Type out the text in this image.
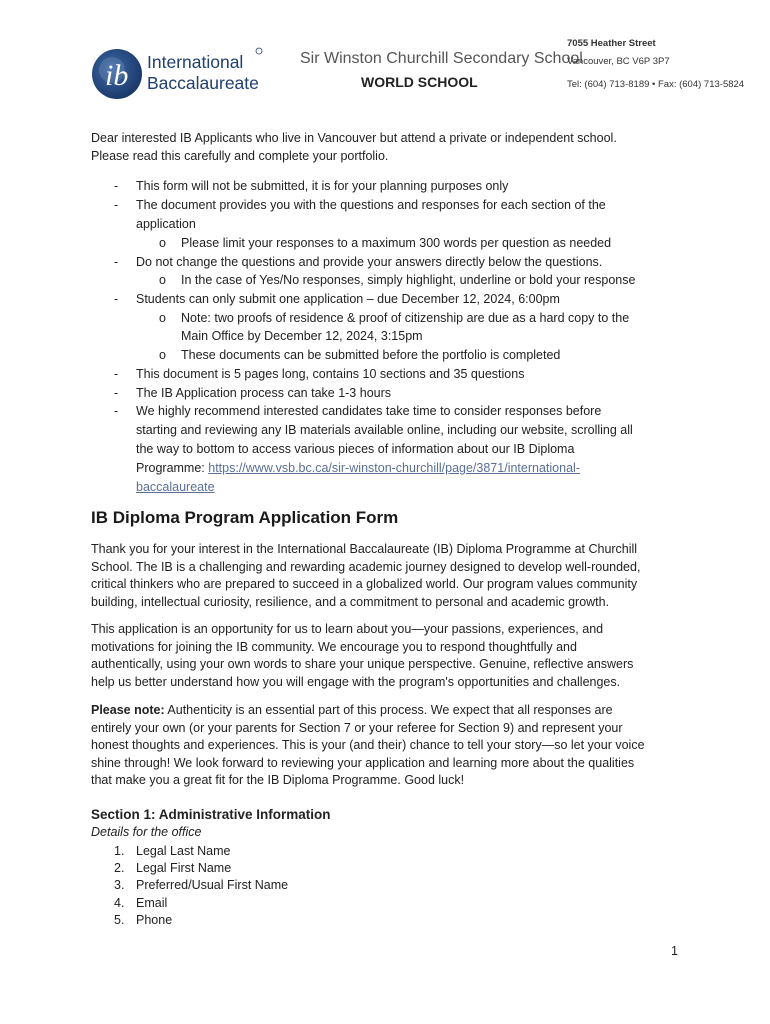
ib International
Baccalaureate
Sir Winston Churchill Secondary School
WORLD SCHOOL
7055 Heather Street
Vancouver, BC V6P 3P7
Tel: (604) 713-8189 • Fax: (604) 713-5824
Dear interested IB Applicants who live in Vancouver but attend a private or independent school.
Please read this carefully and complete your portfolio.
- This form will not be submitted, it is for your planning purposes only
- The document provides you with the questions and responses for each section of the
application
o Please limit your responses to a maximum 300 words per question as needed
- Do not change the questions and provide your answers directly below the questions.
o In the case of Yes/No responses, simply highlight, underline or bold your response
- Students can only submit one application – due December 12, 2024, 6:00pm
o Note: two proofs of residence & proof of citizenship are due as a hard copy to the
Main Office by December 12, 2024, 3:15pm
o These documents can be submitted before the portfolio is completed
- This document is 5 pages long, contains 10 sections and 35 questions
- The IB Application process can take 1-3 hours
- We highly recommend interested candidates take time to consider responses before
starting and reviewing any IB materials available online, including our website, scrolling all
the way to bottom to access various pieces of information about our IB Diploma
Programme: https://www.vsb.bc.ca/sir-winston-churchill/page/3871/international-
baccalaureate
IB Diploma Program Application Form
Thank you for your interest in the International Baccalaureate (IB) Diploma Programme at Churchill
School. The IB is a challenging and rewarding academic journey designed to develop well-rounded,
critical thinkers who are prepared to succeed in a globalized world. Our program values community
building, intellectual curiosity, resilience, and a commitment to personal and academic growth.
This application is an opportunity for us to learn about you—your passions, experiences, and
motivations for joining the IB community. We encourage you to respond thoughtfully and
authentically, using your own words to share your unique perspective. Genuine, reflective answers
help us better understand how you will engage with the program's opportunities and challenges.
Please note: Authenticity is an essential part of this process. We expect that all responses are
entirely your own (or your parents for Section 7 or your referee for Section 9) and represent your
honest thoughts and experiences. This is your (and their) chance to tell your story—so let your voice
shine through! We look forward to reviewing your application and learning more about the qualities
that make you a great fit for the IB Diploma Programme. Good luck!
Section 1: Administrative Information
Details for the office
1. Legal Last Name
2. Legal First Name
3. Preferred/Usual First Name
4. Email
5. Phone
1
